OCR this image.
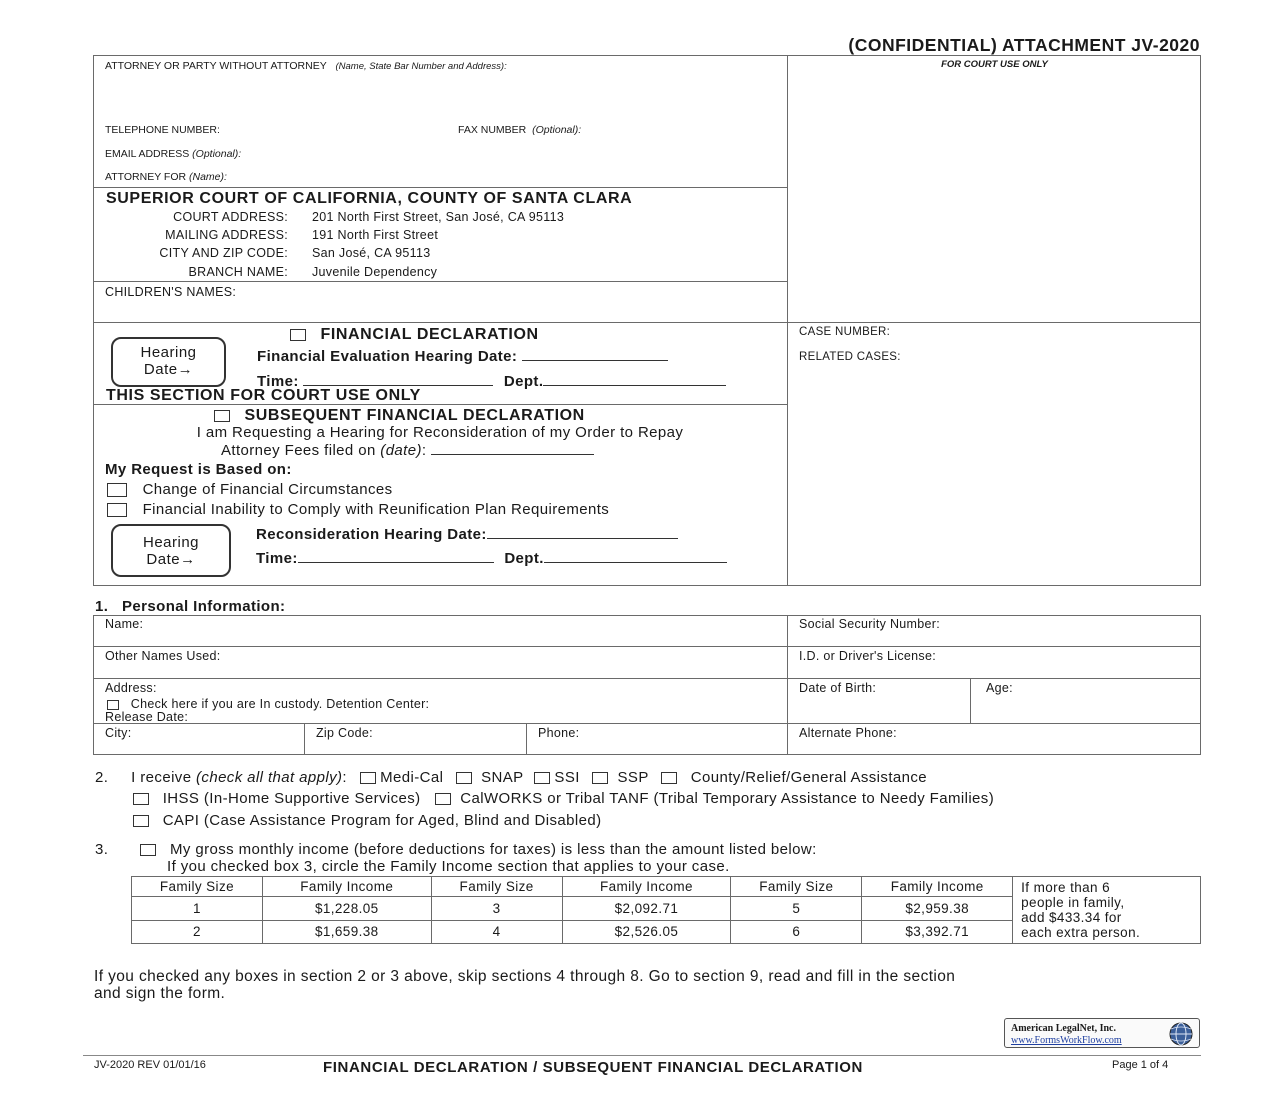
(CONFIDENTIAL) ATTACHMENT JV-2020
ATTORNEY OR PARTY WITHOUT ATTORNEY (Name, State Bar Number and Address):
TELEPHONE NUMBER:	FAX NUMBER (Optional):
EMAIL ADDRESS (Optional):
ATTORNEY FOR (Name):
FOR COURT USE ONLY
SUPERIOR COURT OF CALIFORNIA, COUNTY OF SANTA CLARA
COURT ADDRESS: 201 North First Street, San José, CA 95113
MAILING ADDRESS: 191 North First Street
CITY AND ZIP CODE: San José, CA 95113
BRANCH NAME: Juvenile Dependency
CHILDREN'S NAMES:
CASE NUMBER:
RELATED CASES:
FINANCIAL DECLARATION
Hearing
Date→
Financial Evaluation Hearing Date:
Time:	Dept.
THIS SECTION FOR COURT USE ONLY
SUBSEQUENT FINANCIAL DECLARATION
I am Requesting a Hearing for Reconsideration of my Order to Repay
Attorney Fees filed on (date):
My Request is Based on:
Change of Financial Circumstances
Financial Inability to Comply with Reunification Plan Requirements
Hearing
Date→
Reconsideration Hearing Date:
Time:	Dept.
1. Personal Information:
Name:	Social Security Number:
Other Names Used:	I.D. or Driver's License:
Address:
Check here if you are In custody. Detention Center:
Release Date:
Date of Birth:	Age:
City:	Zip Code:	Phone:	Alternate Phone:
2. I receive (check all that apply): Medi-Cal	SNAP SSI	SSP	County/Relief/General Assistance
IHSS (In-Home Supportive Services)	CalWORKS or Tribal TANF (Tribal Temporary Assistance to Needy Families)
CAPI (Case Assistance Program for Aged, Blind and Disabled)
3.	My gross monthly income (before deductions for taxes) is less than the amount listed below:
If you checked box 3, circle the Family Income section that applies to your case.
Family Size	Family Income	Family Size	Family Income	Family Size	Family Income	If more than 6
people in family,
add $433.34 for
each extra person.

1	$1,228.05	3	$2,092.71	5	$2,959.38	
2	$1,659.38	4	$2,526.05	6	$3,392.71	
If you checked any boxes in section 2 or 3 above, skip sections 4 through 8. Go to section 9, read and fill in the section
and sign the form.
American LegalNet, Inc.
www.FormsWorkFlow.com
JV-2020 REV 01/01/16	FINANCIAL DECLARATION / SUBSEQUENT FINANCIAL DECLARATION	Page 1 of 4
